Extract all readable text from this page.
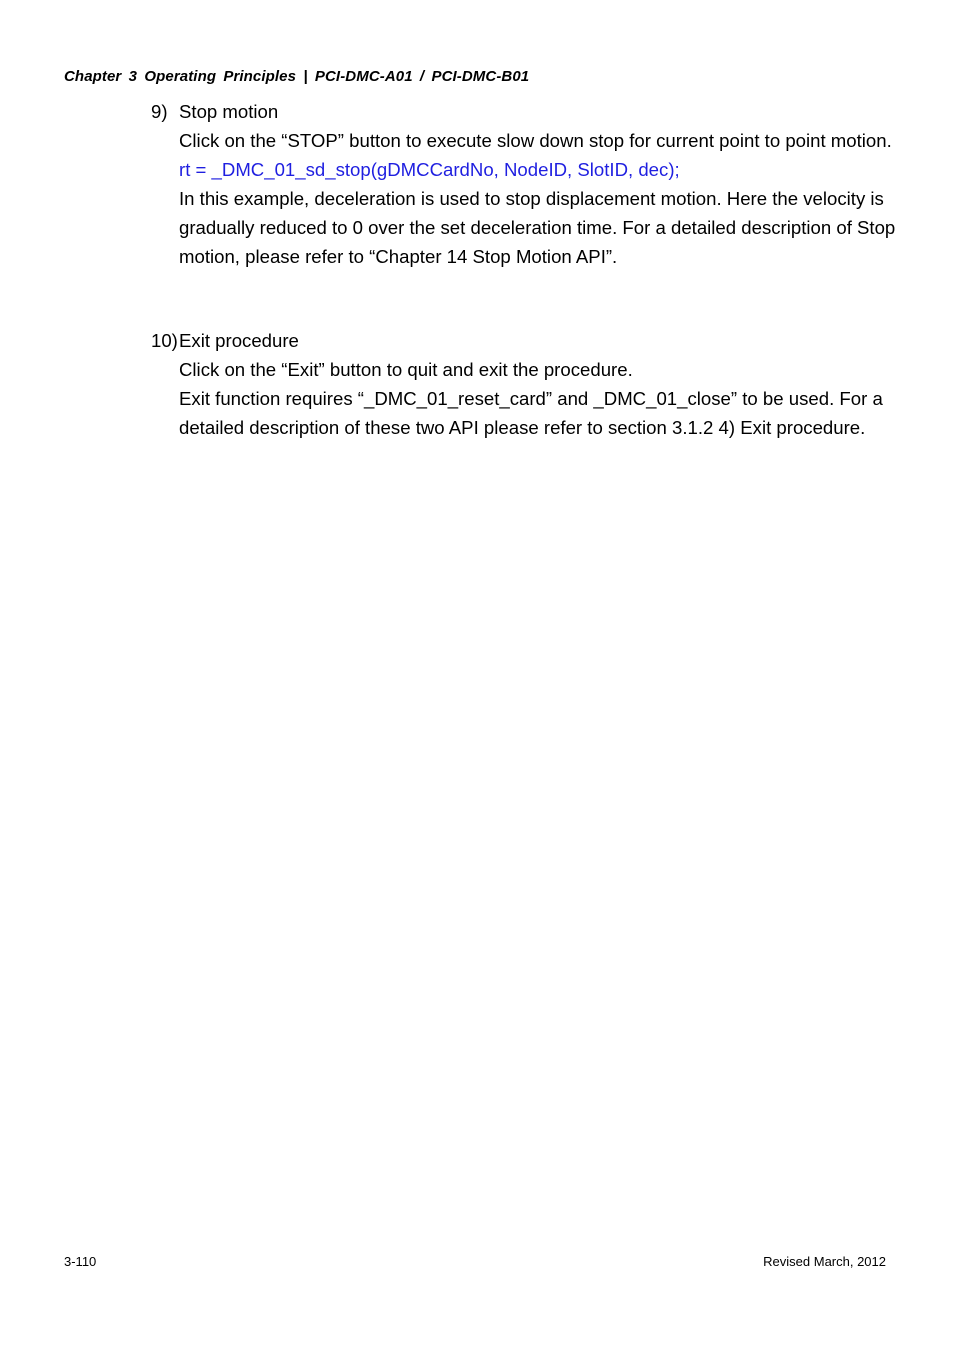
Chapter 3 Operating Principles | PCI-DMC-A01 / PCI-DMC-B01
9) Stop motion

Click on the “STOP” button to execute slow down stop for current point to point motion.

rt = _DMC_01_sd_stop(gDMCCardNo, NodeID, SlotID, dec);

In this example, deceleration is used to stop displacement motion. Here the velocity is gradually reduced to 0 over the set deceleration time. For a detailed description of Stop motion, please refer to “Chapter 14 Stop Motion API”.

10) Exit procedure

Click on the “Exit” button to quit and exit the procedure.

Exit function requires “_DMC_01_reset_card” and _DMC_01_close” to be used. For a detailed description of these two API please refer to section 3.1.2 4) Exit procedure.

3-110	Revised March, 2012
